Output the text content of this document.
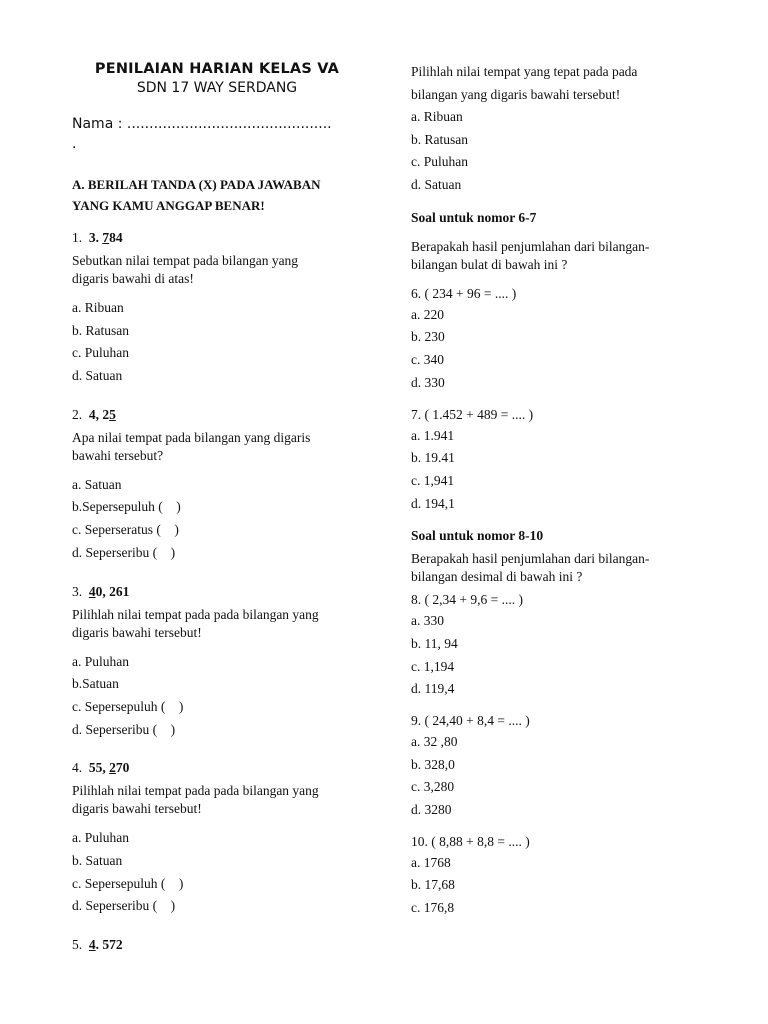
PENILAIAN HARIAN KELAS VA
SDN 17 WAY SERDANG
Nama : ..............................................
.
A. BERILAH TANDA (X) PADA JAWABAN
YANG KAMU ANGGAP BENAR!
1. 3. 784
Sebutkan nilai tempat pada bilangan yang
digaris bawahi di atas!
a. Ribuan
b. Ratusan
c. Puluhan
d. Satuan
2. 4, 25
Apa nilai tempat pada bilangan yang digaris
bawahi tersebut?
a. Satuan
b.Sepersepuluh (    )
c. Seperseratus (    )
d. Seperseribu (    )
3. 40, 261
Pilihlah nilai tempat pada pada bilangan yang
digaris bawahi tersebut!
a. Puluhan
b.Satuan
c. Sepersepuluh (    )
d. Seperseribu (    )
4. 55, 270
Pilihlah nilai tempat pada pada bilangan yang
digaris bawahi tersebut!
a. Puluhan
b. Satuan
c. Sepersepuluh (    )
d. Seperseribu (    )
5. 4. 572
Pilihlah nilai tempat yang tepat pada pada
bilangan yang digaris bawahi tersebut!
a. Ribuan
b. Ratusan
c. Puluhan
d. Satuan
Soal untuk nomor 6-7
Berapakah hasil penjumlahan dari bilangan-
bilangan bulat di bawah ini ?
6. ( 234 + 96 = .... )
a. 220
b. 230
c. 340
d. 330
7. ( 1.452 + 489 = .... )
a. 1.941
b. 19.41
c. 1,941
d. 194,1
Soal untuk nomor 8-10
Berapakah hasil penjumlahan dari bilangan-
bilangan desimal di bawah ini ?
8. ( 2,34 + 9,6 = .... )
a. 330
b. 11, 94
c. 1,194
d. 119,4
9. ( 24,40 + 8,4 = .... )
a. 32 ,80
b. 328,0
c. 3,280
d. 3280
10. ( 8,88 + 8,8 = .... )
a. 1768
b. 17,68
c. 176,8
